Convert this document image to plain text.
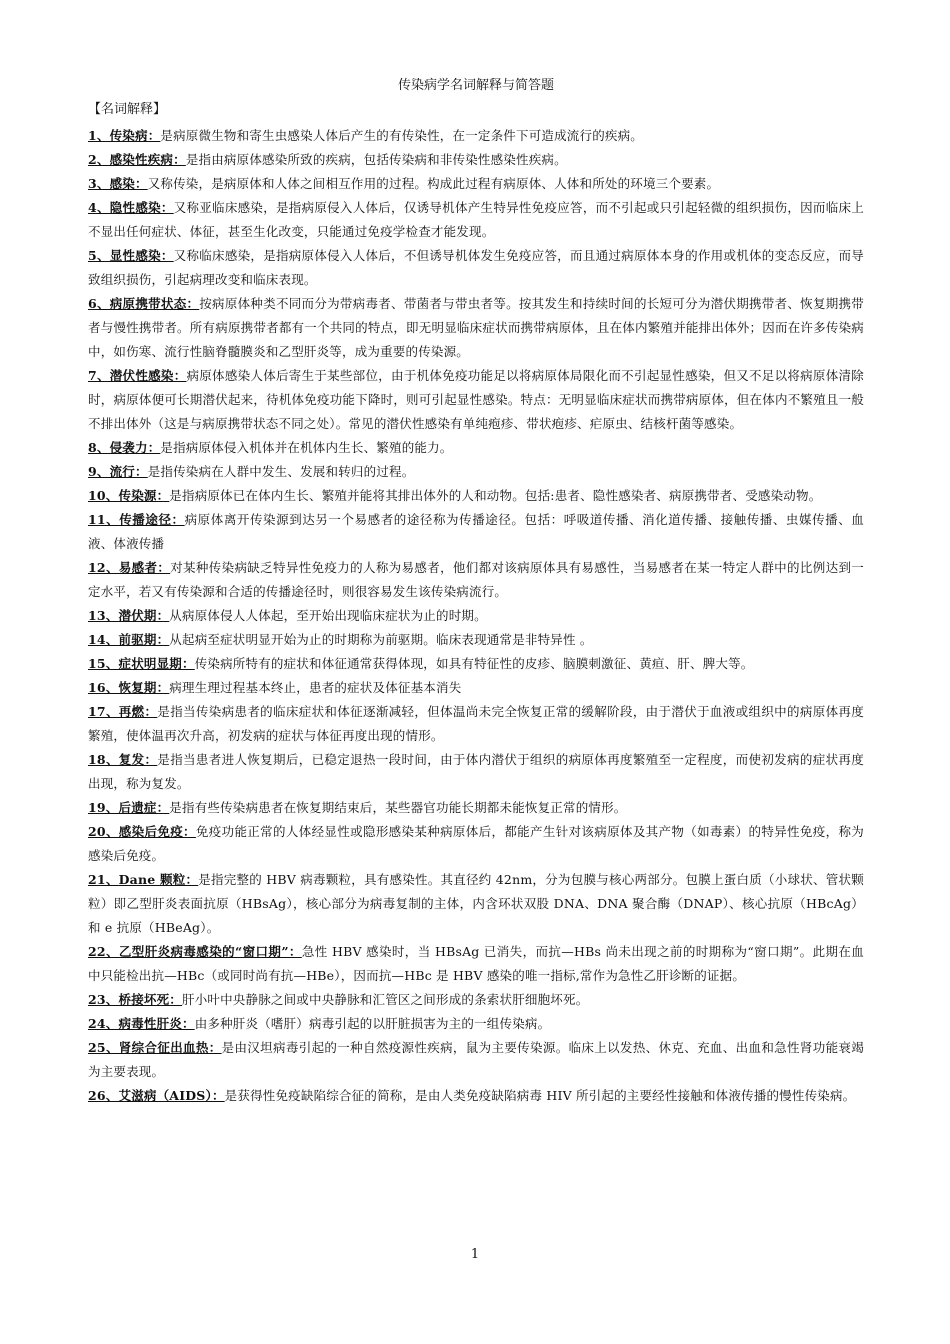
传染病学名词解释与简答题
【名词解释】

1、传染病：是病原微生物和寄生虫感染人体后产生的有传染性，在一定条件下可造成流行的疾病。

2、感染性疾病：是指由病原体感染所致的疾病，包括传染病和非传染性感染性疾病。

3、感染：又称传染，是病原体和人体之间相互作用的过程。构成此过程有病原体、人体和所处的环境三个要素。

4、隐性感染：又称亚临床感染，是指病原侵入人体后，仅诱导机体产生特异性免疫应答，而不引起或只引起轻微的组织损伤，因而临床上不显出任何症状、体征，甚至生化改变，只能通过免疫学检查才能发现。

5、显性感染：又称临床感染，是指病原体侵入人体后，不但诱导机体发生免疫应答，而且通过病原体本身的作用或机体的变态反应，而导致组织损伤，引起病理改变和临床表现。

6、病原携带状态：按病原体种类不同而分为带病毒者、带菌者与带虫者等。按其发生和持续时间的长短可分为潜伏期携带者、恢复期携带者与慢性携带者。所有病原携带者都有一个共同的特点，即无明显临床症状而携带病原体，且在体内繁殖并能排出体外；因而在许多传染病中，如伤寒、流行性脑脊髓膜炎和乙型肝炎等，成为重要的传染源。

7、潜伏性感染：病原体感染人体后寄生于某些部位，由于机体免疫功能足以将病原体局限化而不引起显性感染，但又不足以将病原体清除时，病原体便可长期潜伏起来，待机体免疫功能下降时，则可引起显性感染。特点：无明显临床症状而携带病原体，但在体内不繁殖且一般不排出体外（这是与病原携带状态不同之处）。常见的潜伏性感染有单纯疱疹、带状疱疹、疟原虫、结核杆菌等感染。

8、侵袭力：是指病原体侵入机体并在机体内生长、繁殖的能力。

9、流行：是指传染病在人群中发生、发展和转归的过程。

10、传染源：是指病原体已在体内生长、繁殖并能将其排出体外的人和动物。包括:患者、隐性感染者、病原携带者、受感染动物。

11、传播途径：病原体离开传染源到达另一个易感者的途径称为传播途径。包括：呼吸道传播、消化道传播、接触传播、虫媒传播、血液、体液传播

12、易感者：对某种传染病缺乏特异性免疫力的人称为易感者，他们都对该病原体具有易感性，当易感者在某一特定人群中的比例达到一定水平，若又有传染源和合适的传播途径时，则很容易发生该传染病流行。

13、潜伏期：从病原体侵人人体起，至开始出现临床症状为止的时期。

14、前驱期：从起病至症状明显开始为止的时期称为前驱期。临床表现通常是非特异性 。

15、症状明显期：传染病所特有的症状和体征通常获得体现，如具有特征性的皮疹、脑膜刺激征、黄疸、肝、脾大等。

16、恢复期：病理生理过程基本终止，患者的症状及体征基本消失

17、再燃：是指当传染病患者的临床症状和体征逐渐减轻，但体温尚未完全恢复正常的缓解阶段，由于潜伏于血液或组织中的病原体再度繁殖，使体温再次升高，初发病的症状与体征再度出现的情形。

18、复发：是指当患者进人恢复期后，已稳定退热一段时间，由于体内潜伏于组织的病原体再度繁殖至一定程度，而使初发病的症状再度出现，称为复发。

19、后遗症：是指有些传染病患者在恢复期结束后，某些器官功能长期都未能恢复正常的情形。

20、感染后免疫：免疫功能正常的人体经显性或隐形感染某种病原体后，都能产生针对该病原体及其产物（如毒素）的特异性免疫，称为感染后免疫。

21、Dane 颗粒：是指完整的 HBV 病毒颗粒，具有感染性。其直径约 42nm，分为包膜与核心两部分。包膜上蛋白质（小球状、管状颗粒）即乙型肝炎表面抗原（HBsAg），核心部分为病毒复制的主体，内含环状双股 DNA、DNA 聚合酶（DNAP）、核心抗原（HBcAg）和 e 抗原（HBeAg）。

22、乙型肝炎病毒感染的“窗口期”：急性 HBV 感染时，当 HBsAg 已消失，而抗—HBs 尚未出现之前的时期称为“窗口期”。此期在血中只能检出抗—HBc（或同时尚有抗—HBe），因而抗—HBc 是 HBV 感染的唯一指标,常作为急性乙肝诊断的证据。

23、桥接坏死：肝小叶中央静脉之间或中央静脉和汇管区之间形成的条索状肝细胞坏死。

24、病毒性肝炎：由多种肝炎（嗜肝）病毒引起的以肝脏损害为主的一组传染病。

25、肾综合征出血热：是由汉坦病毒引起的一种自然疫源性疾病，鼠为主要传染源。临床上以发热、休克、充血、出血和急性肾功能衰竭为主要表现。

26、艾滋病（AIDS）：是获得性免疫缺陷综合征的简称，是由人类免疫缺陷病毒 HIV 所引起的主要经性接触和体液传播的慢性传染病。

1
